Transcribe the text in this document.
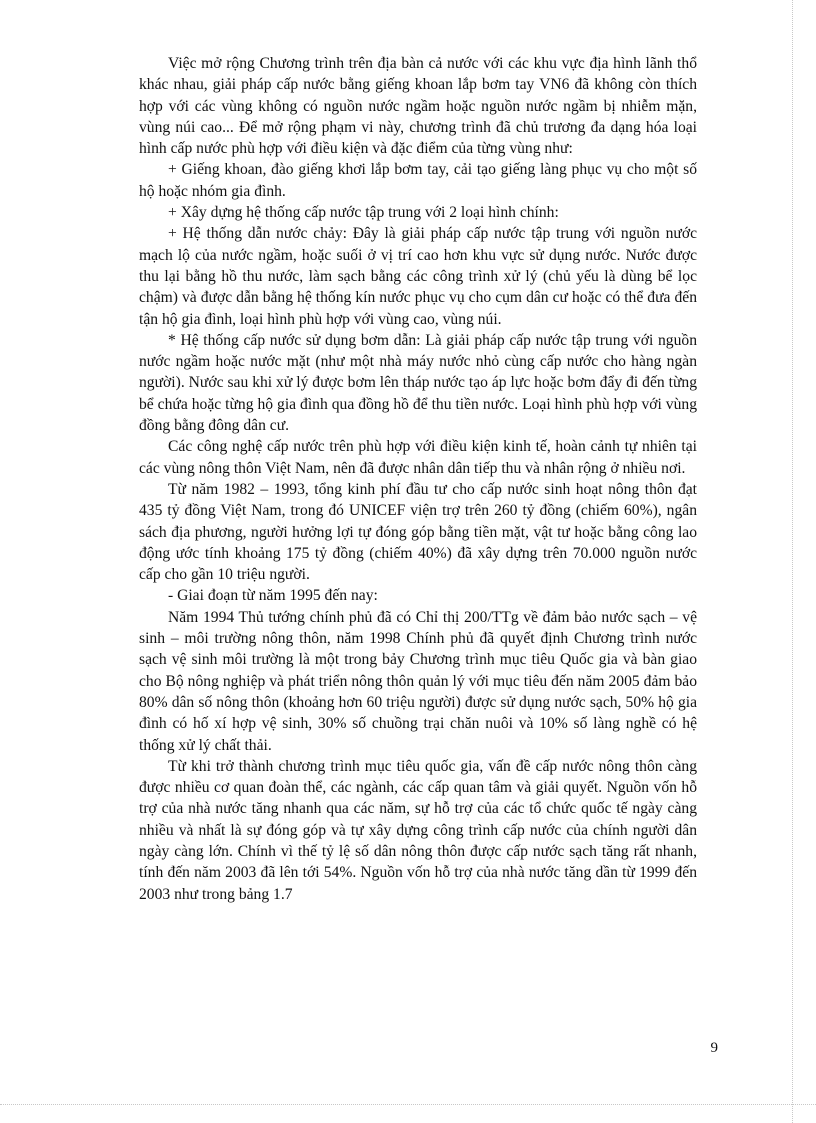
Việc mở rộng Chương trình trên địa bàn cả nước với các khu vực địa hình lãnh thổ khác nhau, giải pháp cấp nước bằng giếng khoan lắp bơm tay VN6 đã không còn thích hợp với các vùng không có nguồn nước ngầm hoặc nguồn nước ngầm bị nhiễm mặn, vùng núi cao... Để mở rộng phạm vi này, chương trình đã chủ trương đa dạng hóa loại hình cấp nước phù hợp với điều kiện và đặc điểm của từng vùng như:

+ Giếng khoan, đào giếng khơi lắp bơm tay, cải tạo giếng làng phục vụ cho một số hộ hoặc nhóm gia đình.

+ Xây dựng hệ thống cấp nước tập trung với 2 loại hình chính:

+ Hệ thống dẫn nước chảy: Đây là giải pháp cấp nước tập trung với nguồn nước mạch lộ của nước ngầm, hoặc suối ở vị trí cao hơn khu vực sử dụng nước. Nước được thu lại bằng hồ thu nước, làm sạch bằng các công trình xử lý (chủ yếu là dùng bể lọc chậm) và được dẫn bằng hệ thống kín nước phục vụ cho cụm dân cư hoặc có thể đưa đến tận hộ gia đình, loại hình phù hợp với vùng cao, vùng núi.

* Hệ thống cấp nước sử dụng bơm dẫn: Là giải pháp cấp nước tập trung với nguồn nước ngầm hoặc nước mặt (như một nhà máy nước nhỏ cùng cấp nước cho hàng ngàn người). Nước sau khi xử lý được bơm lên tháp nước tạo áp lực hoặc bơm đẩy đi đến từng bể chứa hoặc từng hộ gia đình qua đồng hồ để thu tiền nước. Loại hình phù hợp với vùng đồng bằng đông dân cư.

Các công nghệ cấp nước trên phù hợp với điều kiện kinh tế, hoàn cảnh tự nhiên tại các vùng nông thôn Việt Nam, nên đã được nhân dân tiếp thu và nhân rộng ở nhiều nơi.

Từ năm 1982 – 1993, tổng kinh phí đầu tư cho cấp nước sinh hoạt nông thôn đạt 435 tỷ đồng Việt Nam, trong đó UNICEF viện trợ trên 260 tỷ đồng (chiếm 60%), ngân sách địa phương, người hưởng lợi tự đóng góp bằng tiền mặt, vật tư hoặc bằng công lao động ước tính khoảng 175 tỷ đồng (chiếm 40%) đã xây dựng trên 70.000 nguồn nước cấp cho gần 10 triệu người.

- Giai đoạn từ năm 1995 đến nay:

Năm 1994 Thủ tướng chính phủ đã có Chỉ thị 200/TTg về đảm bảo nước sạch – vệ sinh – môi trường nông thôn, năm 1998 Chính phủ đã quyết định Chương trình nước sạch vệ sinh môi trường là một trong bảy Chương trình mục tiêu Quốc gia và bàn giao cho Bộ nông nghiệp và phát triển nông thôn quản lý với mục tiêu đến năm 2005 đảm bảo 80% dân số nông thôn (khoảng hơn 60 triệu người) được sử dụng nước sạch, 50% hộ gia đình có hố xí hợp vệ sinh, 30% số chuồng trại chăn nuôi và 10% số làng nghề có hệ thống xử lý chất thải.

Từ khi trở thành chương trình mục tiêu quốc gia, vấn đề cấp nước nông thôn càng được nhiều cơ quan đoàn thể, các ngành, các cấp quan tâm và giải quyết. Nguồn vốn hỗ trợ của nhà nước tăng nhanh qua các năm, sự hỗ trợ của các tổ chức quốc tế ngày càng nhiều và nhất là sự đóng góp và tự xây dựng công trình cấp nước của chính người dân ngày càng lớn. Chính vì thế tỷ lệ số dân nông thôn được cấp nước sạch tăng rất nhanh, tính đến năm 2003 đã lên tới 54%. Nguồn vốn hỗ trợ của nhà nước tăng dần từ 1999 đến 2003 như trong bảng 1.7

9
